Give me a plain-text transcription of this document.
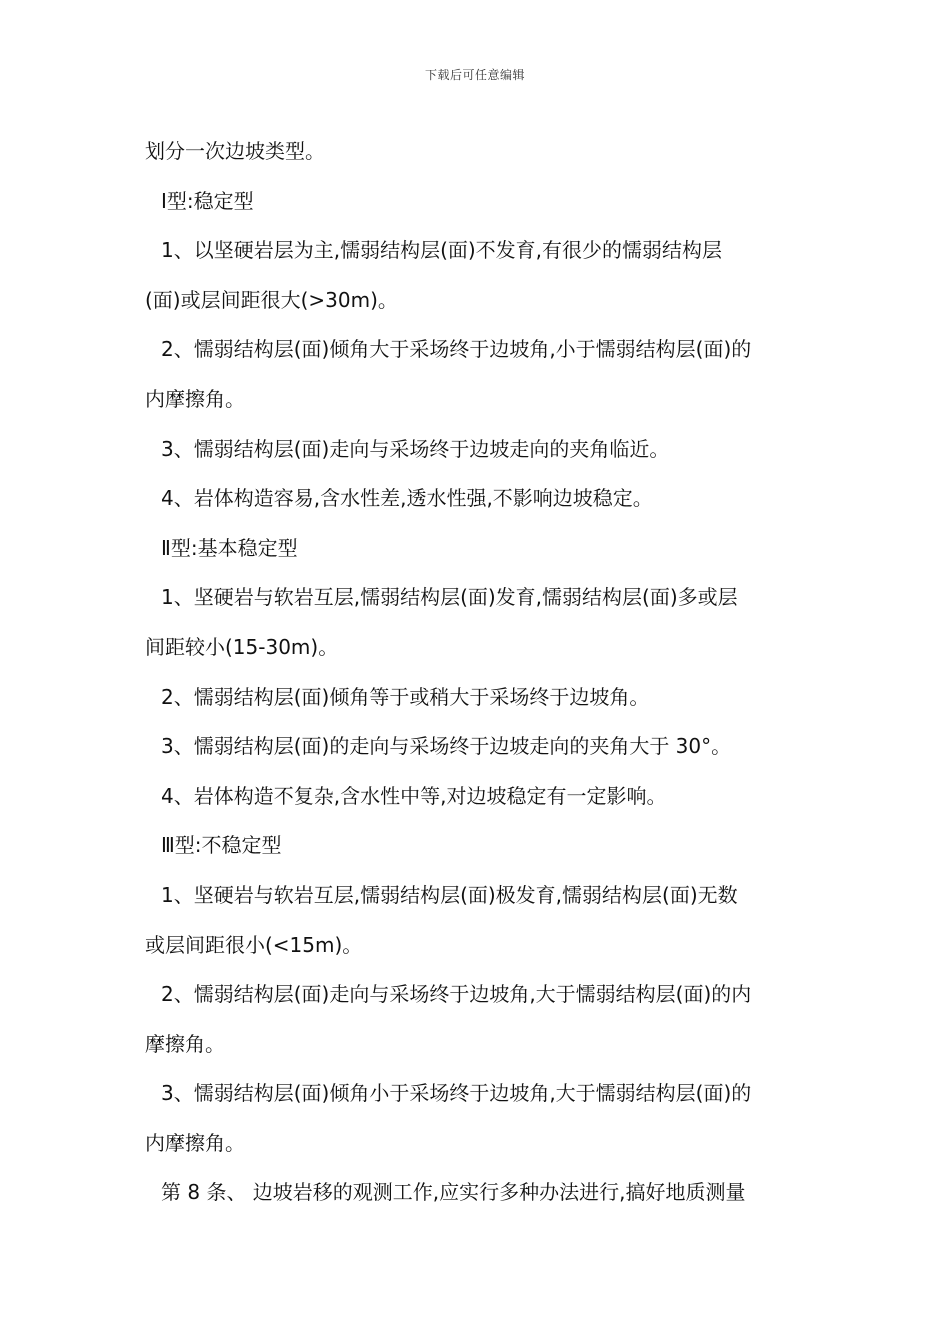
下载后可任意编辑
划分一次边坡类型。
Ⅰ型:稳定型
1、以坚硬岩层为主,懦弱结构层(面)不发育,有很少的懦弱结构层
(面)或层间距很大(>30m)。
2、懦弱结构层(面)倾角大于采场终于边坡角,小于懦弱结构层(面)的
内摩擦角。
3、懦弱结构层(面)走向与采场终于边坡走向的夹角临近。
4、岩体构造容易,含水性差,透水性强,不影响边坡稳定。
Ⅱ型:基本稳定型
1、坚硬岩与软岩互层,懦弱结构层(面)发育,懦弱结构层(面)多或层
间距较小(15-30m)。
2、懦弱结构层(面)倾角等于或稍大于采场终于边坡角。
3、懦弱结构层(面)的走向与采场终于边坡走向的夹角大于 30°。
4、岩体构造不复杂,含水性中等,对边坡稳定有一定影响。
Ⅲ型:不稳定型
1、坚硬岩与软岩互层,懦弱结构层(面)极发育,懦弱结构层(面)无数
或层间距很小(<15m)。
2、懦弱结构层(面)走向与采场终于边坡角,大于懦弱结构层(面)的内
摩擦角。
3、懦弱结构层(面)倾角小于采场终于边坡角,大于懦弱结构层(面)的
内摩擦角。
第 8 条、 边坡岩移的观测工作,应实行多种办法进行,搞好地质测量
